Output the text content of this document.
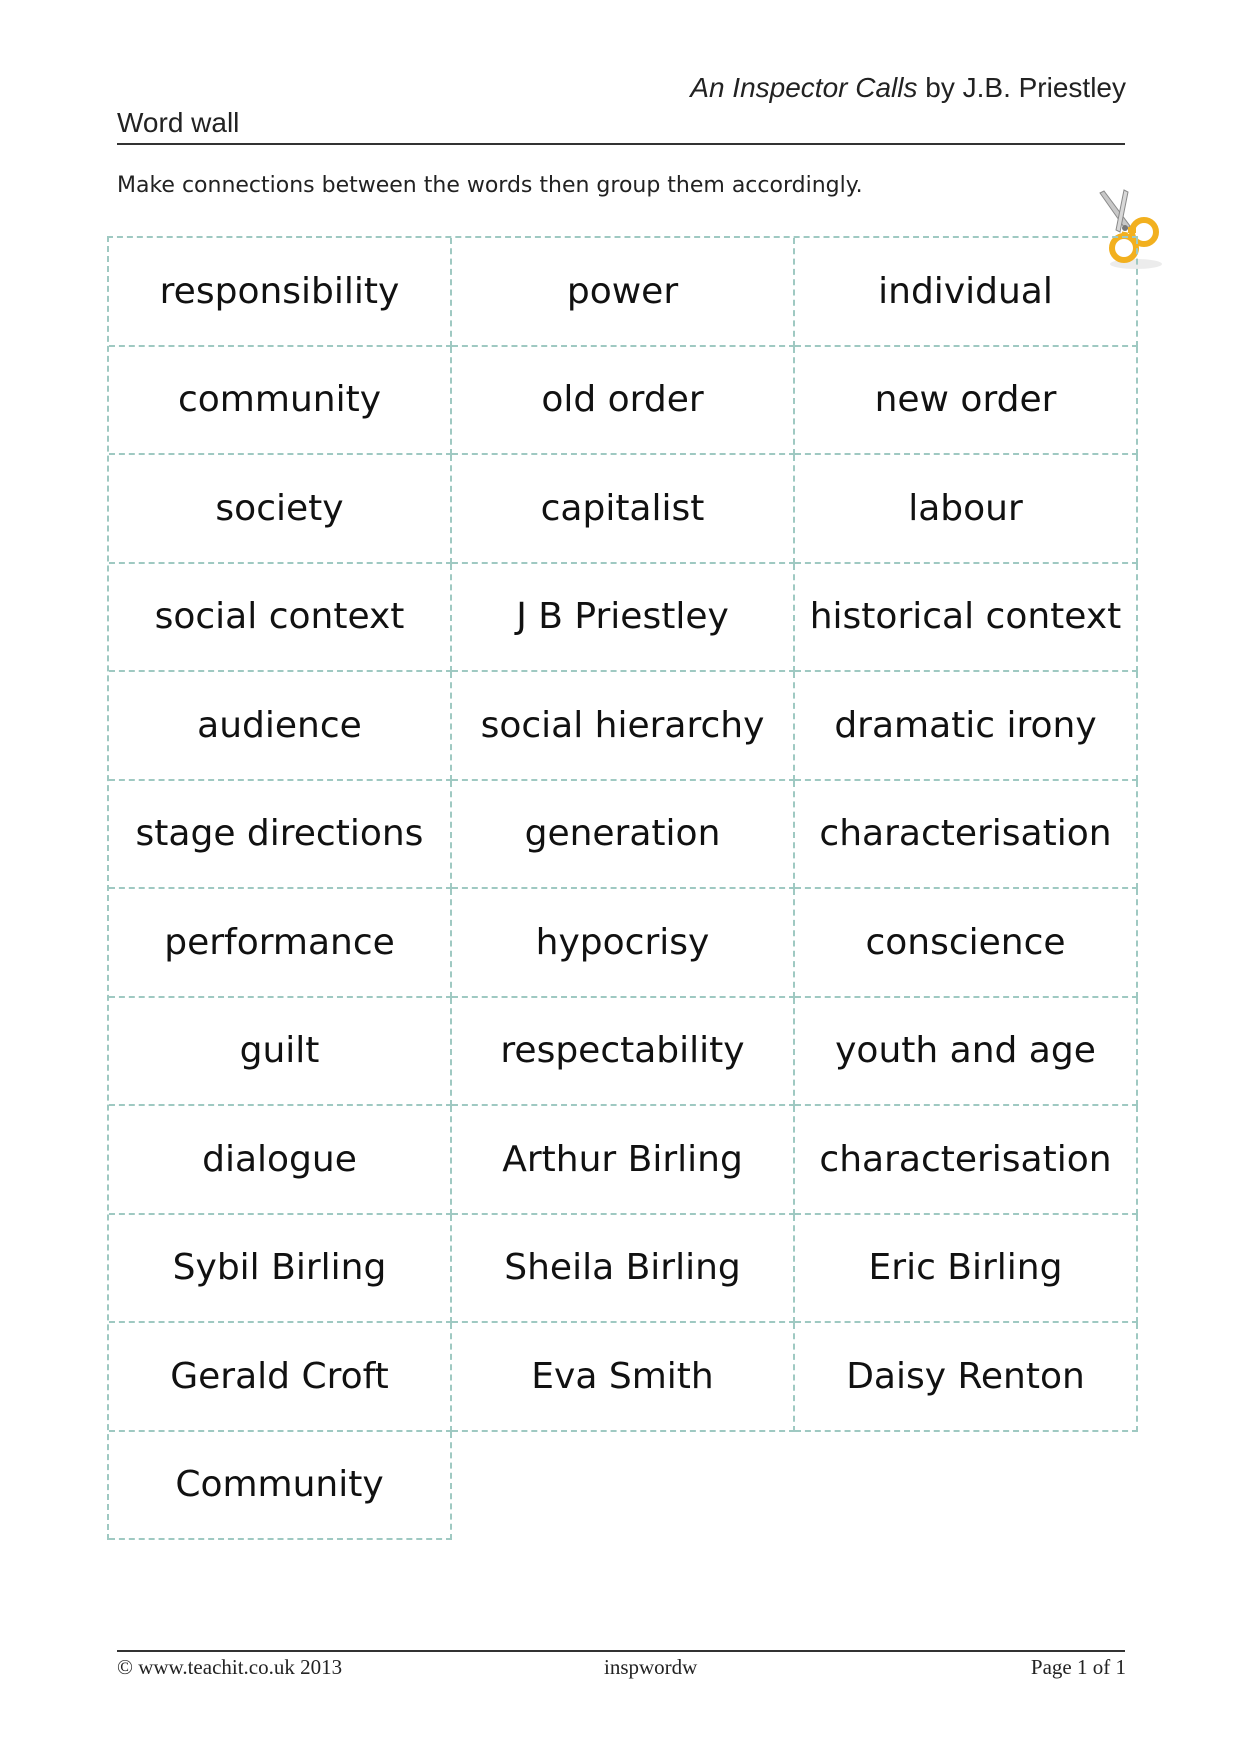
An Inspector Calls by J.B. Priestley
Word wall
Make connections between the words then group them accordingly.
responsibility	power	individual
community	old order	new order
society	capitalist	labour
social context	J B Priestley	historical context
audience	social hierarchy	dramatic irony
stage directions	generation	characterisation
performance	hypocrisy	conscience
guilt	respectability	youth and age
dialogue	Arthur Birling	characterisation
Sybil Birling	Sheila Birling	Eric Birling
Gerald Croft	Eva Smith	Daisy Renton
Community
© www.teachit.co.uk 2013	inspwordw	Page 1 of 1
